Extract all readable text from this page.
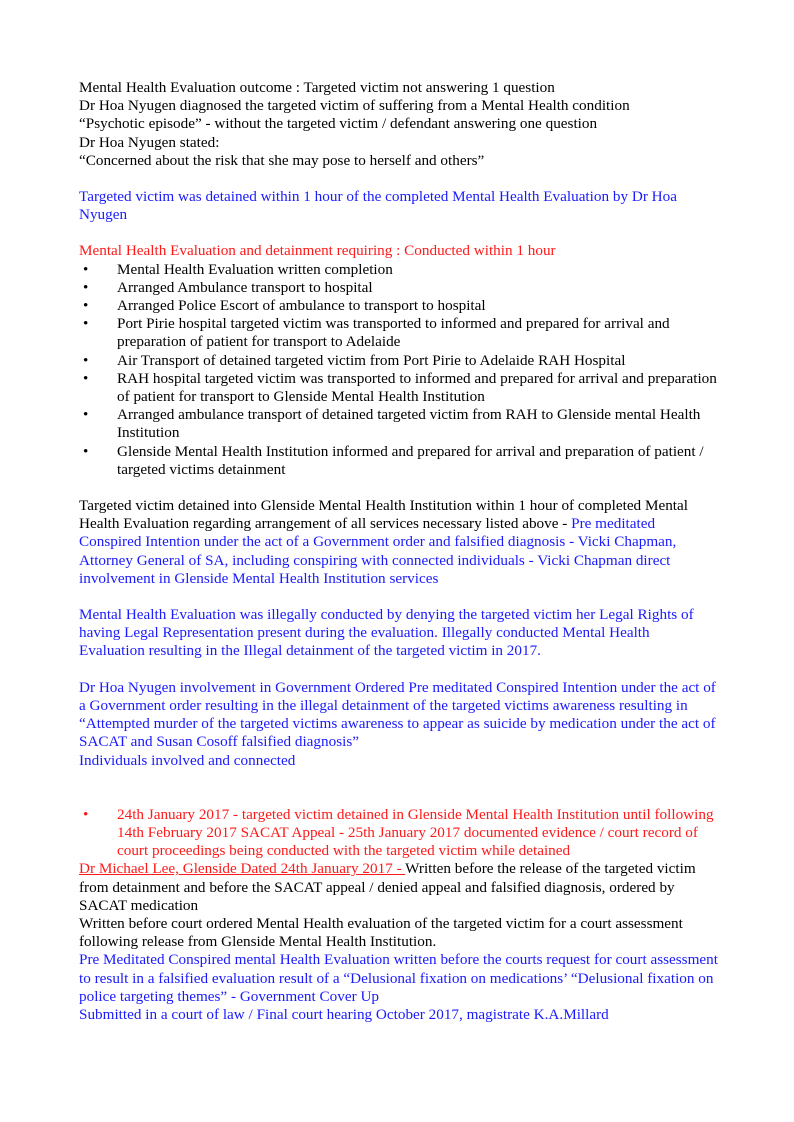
Mental Health Evaluation outcome : Targeted victim not answering 1 question

Dr Hoa Nyugen diagnosed the targeted victim of suffering from a Mental Health condition

“Psychotic episode” - without the targeted victim / defendant answering one question

Dr Hoa Nyugen stated:

“Concerned about the risk that she may pose to herself and others”

Targeted victim was detained within 1 hour of the completed Mental Health Evaluation by Dr Hoa Nyugen

Mental Health Evaluation and detainment requiring : Conducted within 1 hour

• Mental Health Evaluation written completion
• Arranged Ambulance transport to hospital
• Arranged Police Escort of ambulance to transport to hospital
• Port Pirie hospital targeted victim was transported to informed and prepared for arrival and preparation of patient for transport to Adelaide
• Air Transport of detained targeted victim from Port Pirie to Adelaide RAH Hospital
• RAH hospital targeted victim was transported to informed and prepared for arrival and preparation of patient for transport to Glenside Mental Health Institution
• Arranged ambulance transport of detained targeted victim from RAH to Glenside mental Health Institution
• Glenside Mental Health Institution informed and prepared for arrival and preparation of patient / targeted victims detainment

Targeted victim detained into Glenside Mental Health Institution within 1 hour of completed Mental Health Evaluation regarding arrangement of all services necessary listed above - Pre meditated Conspired Intention under the act of a Government order and falsified diagnosis - Vicki Chapman, Attorney General of SA, including conspiring with connected individuals - Vicki Chapman direct involvement in Glenside Mental Health Institution services

Mental Health Evaluation was illegally conducted by denying the targeted victim her Legal Rights of having Legal Representation present during the evaluation. Illegally conducted Mental Health Evaluation resulting in the Illegal detainment of the targeted victim in 2017.

Dr Hoa Nyugen involvement in Government Ordered Pre meditated Conspired Intention under the act of a Government order resulting in the illegal detainment of the targeted victims awareness resulting in “Attempted murder of the targeted victims awareness to appear as suicide by medication under the act of SACAT and Susan Cosoff falsified diagnosis”

Individuals involved and connected

• 24th January 2017 - targeted victim detained in Glenside Mental Health Institution until following 14th February 2017 SACAT Appeal - 25th January 2017 documented evidence / court record of court proceedings being conducted with the targeted victim while detained

Dr Michael Lee, Glenside Dated 24th January 2017 - Written before the release of the targeted victim from detainment and before the SACAT appeal / denied appeal and falsified diagnosis, ordered by SACAT medication

Written before court ordered Mental Health evaluation of the targeted victim for a court assessment following release from Glenside Mental Health Institution.

Pre Meditated Conspired mental Health Evaluation written before the courts request for court assessment to result in a falsified evaluation result of a “Delusional fixation on medications’ “Delusional fixation on police targeting themes” - Government Cover Up

Submitted in a court of law / Final court hearing October 2017, magistrate K.A.Millard
